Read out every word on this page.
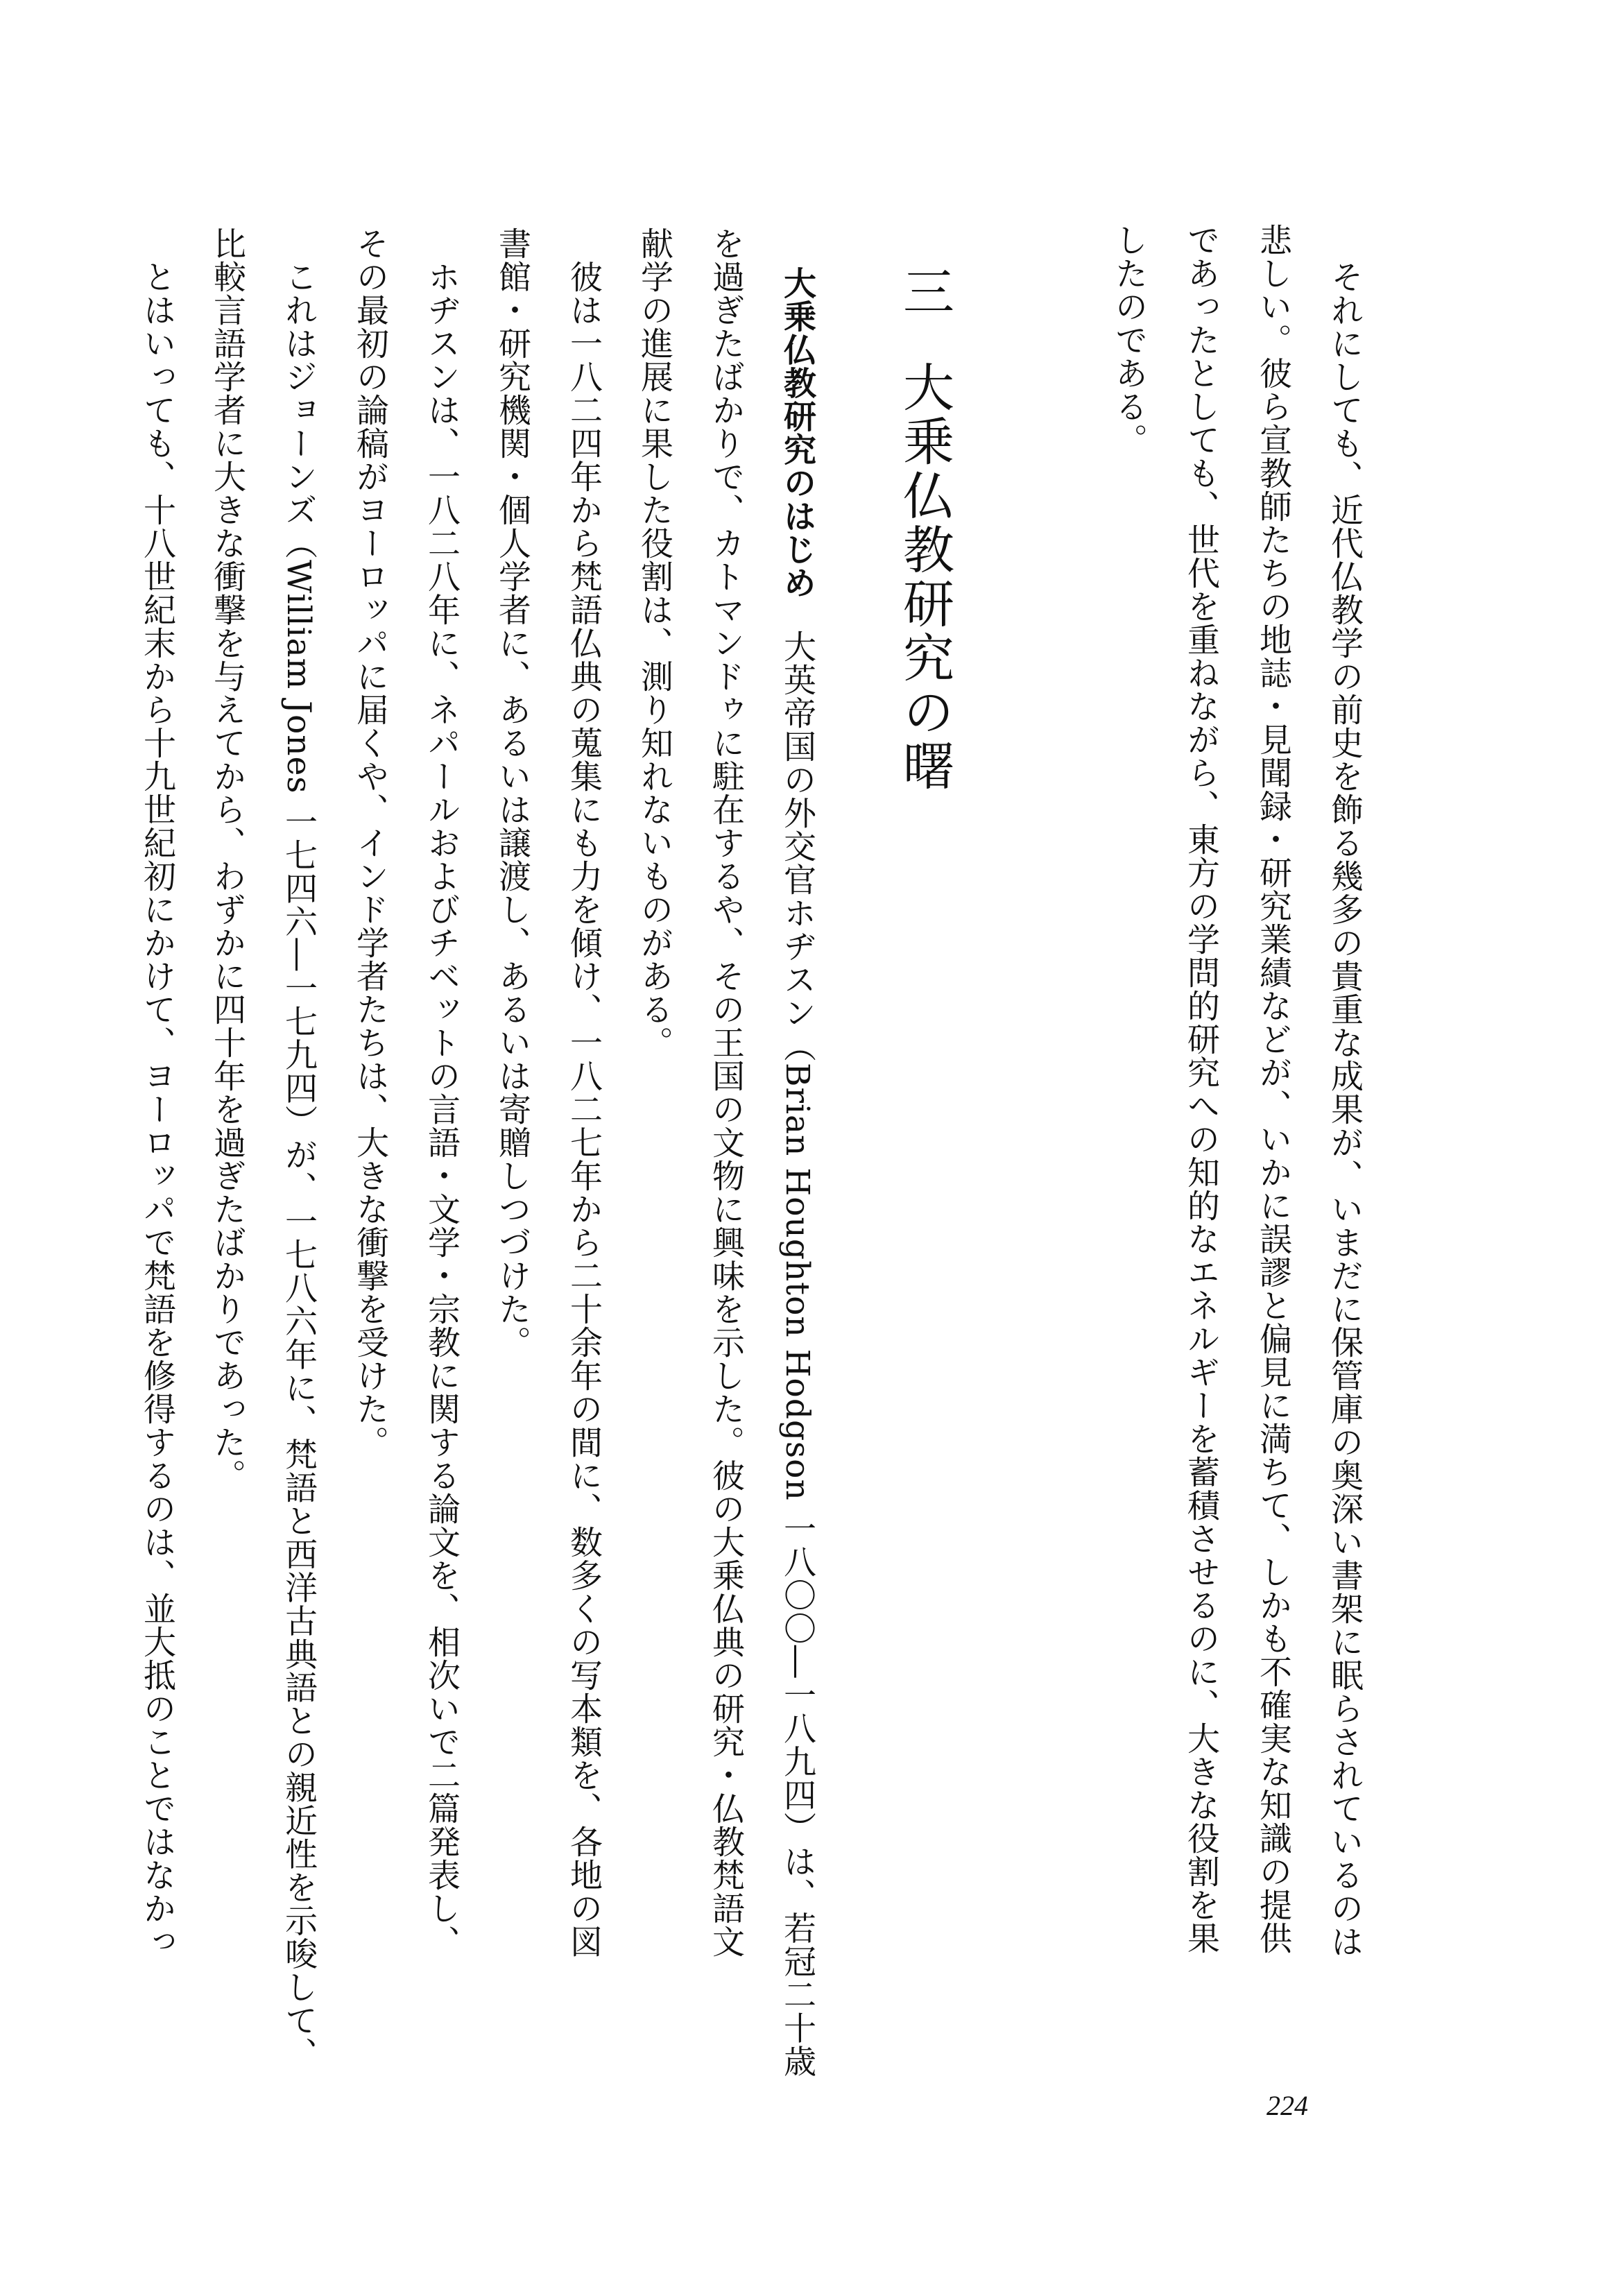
それにしても、近代仏教学の前史を飾る幾多の貴重な成果が、いまだに保管庫の奥深い書架に眠らされているのは
悲しい。彼ら宣教師たちの地誌・見聞録・研究業績などが、いかに誤謬と偏見に満ちて、しかも不確実な知識の提供
であったとしても、世代を重ねながら、東方の学問的研究への知的なエネルギーを蓄積させるのに、大きな役割を果
したのである。
三大乗仏教研究の曙
大乗仏教研究のはじめ大英帝国の外交官ホヂスン（Brian Houghton Hodgson 一八〇〇―一八九四）は、若冠二十歳
を過ぎたばかりで、カトマンドゥに駐在するや、その王国の文物に興味を示した。彼の大乗仏典の研究・仏教梵語文
献学の進展に果した役割は、測り知れないものがある。
彼は一八二四年から梵語仏典の蒐集にも力を傾け、一八二七年から二十余年の間に、数多くの写本類を、各地の図
書館・研究機関・個人学者に、あるいは譲渡し、あるいは寄贈しつづけた。
ホヂスンは、一八二八年に、ネパールおよびチベットの言語・文学・宗教に関する論文を、相次いで二篇発表し、
その最初の論稿がヨーロッパに届くや、インド学者たちは、大きな衝撃を受けた。
これはジョーンズ（William Jones 一七四六―一七九四）が、一七八六年に、梵語と西洋古典語との親近性を示唆して、
比較言語学者に大きな衝撃を与えてから、わずかに四十年を過ぎたばかりであった。
とはいっても、十八世紀末から十九世紀初にかけて、ヨーロッパで梵語を修得するのは、並大抵のことではなかっ
224
